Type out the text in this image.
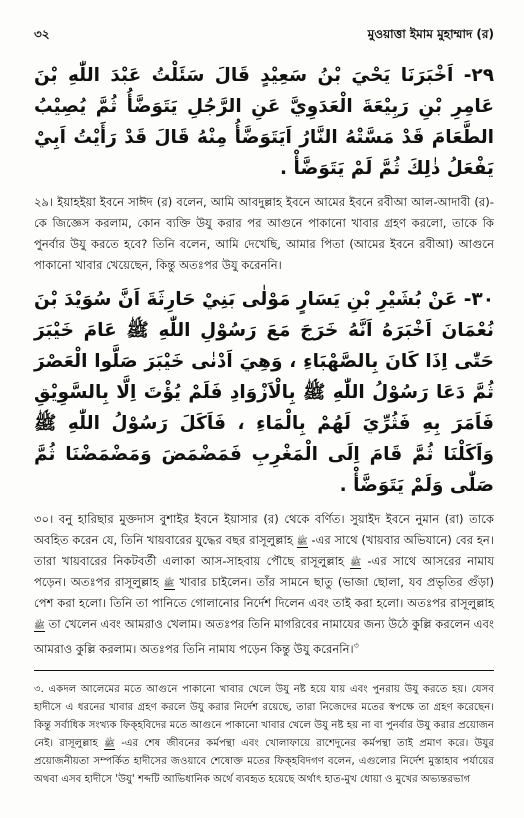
৩২	মুওয়াত্তা ইমাম মুহাম্মাদ (র)

٢٩- اَخْبَرَنَا يَحْيَ بْنُ سَعِيْدٍ قَالَ سَئَلْتُ عَبْدَ اللّٰهِ بْنَ عَامِرِ بْنِ رَبِيْعَةَ الْعَدَوِيَّ عَنِ الرَّجُلِ يَتَوَضَّأُ ثُمَّ يُصِيْبُ الطَّعَامَ قَدْ مَسَّتْهُ النَّارُ اَيَتَوَضَّأُ مِنْهُ قَالَ قَدْ رَأَيْتُ اَبِيْ يَفْعَلُ ذٰلِكَ ثُمَّ لَمْ يَتَوَضَّأْ .

২৯। ইয়াহইয়া ইবনে সাঈদ (র) বলেন, আমি আবদুল্লাহ ইবনে আমের ইবনে রবীআ আল-আদাবী (র)-কে জিজ্ঞেস করলাম, কোন ব্যক্তি উযু করার পর আগুনে পাকানো খাবার গ্রহণ করলো, তাকে কি পুনর্বার উযু করতে হবে? তিনি বলেন, আমি দেখেছি, আমার পিতা (আমের ইবনে রবীআ) আগুনে পাকানো খাবার খেয়েছেন, কিন্তু অতঃপর উযু করেননি।

٣٠- عَنْ بُشَيْرِ بْنِ يَسَارٍ مَوْلٰى بَنِيْ حَارِثَةَ اَنَّ سُوَيْدَ بْنَ نُعْمَانَ اَخْبَرَهُ اَنَّهُ خَرَجَ مَعَ رَسُوْلِ اللّٰهِ ﷺ عَامَ خَيْبَرَ حَتّٰى اِذَا كَانَ بِالصَّهْبَاءِ ، وَهِيَ اَدْنٰى خَيْبَرَ صَلَّوا الْعَصْرَ ثُمَّ دَعَا رَسُوْلُ اللّٰهِ ﷺ بِالْاَزْوَادِ فَلَمْ يُؤْتَ اِلَّا بِالسَّوِيْقِ فَاَمَرَ بِهِ فَثُرِّيَ لَهُمْ بِالْمَاءِ ، فَاَكَلَ رَسُوْلُ اللّٰهِ ﷺ وَاَكَلْنَا ثُمَّ قَامَ اِلَى الْمَغْرِبِ فَمَضْمَضَ وَمَضْمَضْنَا ثُمَّ صَلّٰى وَلَمْ يَتَوَضَّأْ .

৩০। বনু হারিছার মুক্তদাস বুশাইর ইবনে ইয়াসার (র) থেকে বর্ণিত। সুয়াইদ ইবনে নুমান (রা) তাকে অবহিত করেন যে, তিনি খায়বারের যুদ্ধের বছর রাসূলুল্লাহ ﷺ -এর সাথে (খায়বার অভিযানে) বের হন। তারা খায়বারের নিকটবর্তী এলাকা আস-সাহবায় পৌছে রাসূলুল্লাহ ﷺ -এর সাথে আসরের নামায পড়েন। অতঃপর রাসূলুল্লাহ ﷺ খাবার চাইলেন। তাঁর সামনে ছাতু (ভাজা ছোলা, যব প্রভৃতির গুঁড়া) পেশ করা হলো। তিনি তা পানিতে গোলানোর নির্দেশ দিলেন এবং তাই করা হলো। অতঃপর রাসূলুল্লাহ ﷺ তা খেলেন এবং আমরাও খেলাম। অতঃপর তিনি মাগরিবের নামাযের জন্য উঠে কুল্লি করলেন এবং আমরাও কুল্লি করলাম। অতঃপর তিনি নামায পড়েন কিন্তু উযু করেননি।$^৩$

৩. একদল আলেমের মতে আগুনে পাকানো খাবার খেলে উযু নষ্ট হয়ে যায় এবং পুনরায় উযু করতে হয়। যেসব হাদীসে এ ধরনের খাবার গ্রহণ করলে উযু করার নির্দেশ রয়েছে, তারা নিজেদের মতের স্বপক্ষে তা গ্রহণ করেছেন। কিন্তু সর্বাধিক সংখ্যক ফিক্‌হবিদের মতে আগুনে পাকানো খাবার খেলে উযু নষ্ট হয় না বা পুনর্বার উযু করার প্রয়োজন নেই। রাসূলুল্লাহ ﷺ -এর শেষ জীবনের কর্মপন্থা এবং খোলাফায়ে রাশেদুনের কর্মপন্থা তাই প্রমাণ করে। উযুর প্রয়োজনীয়তা সম্পর্কিত হাদীসের জওয়াবে শেষোক্ত মতের ফিক্‌হবিদগণ বলেন, এগুলোর নির্দেশ মুস্তাহাব পর্যায়ের অথবা এসব হাদীসে 'উযু' শব্দটি আভিধানিক অর্থে ব্যবহৃত হয়েছে অর্থাৎ হাত-মুখ ধোয়া ও মুখের অভ্যন্তরভাগ
